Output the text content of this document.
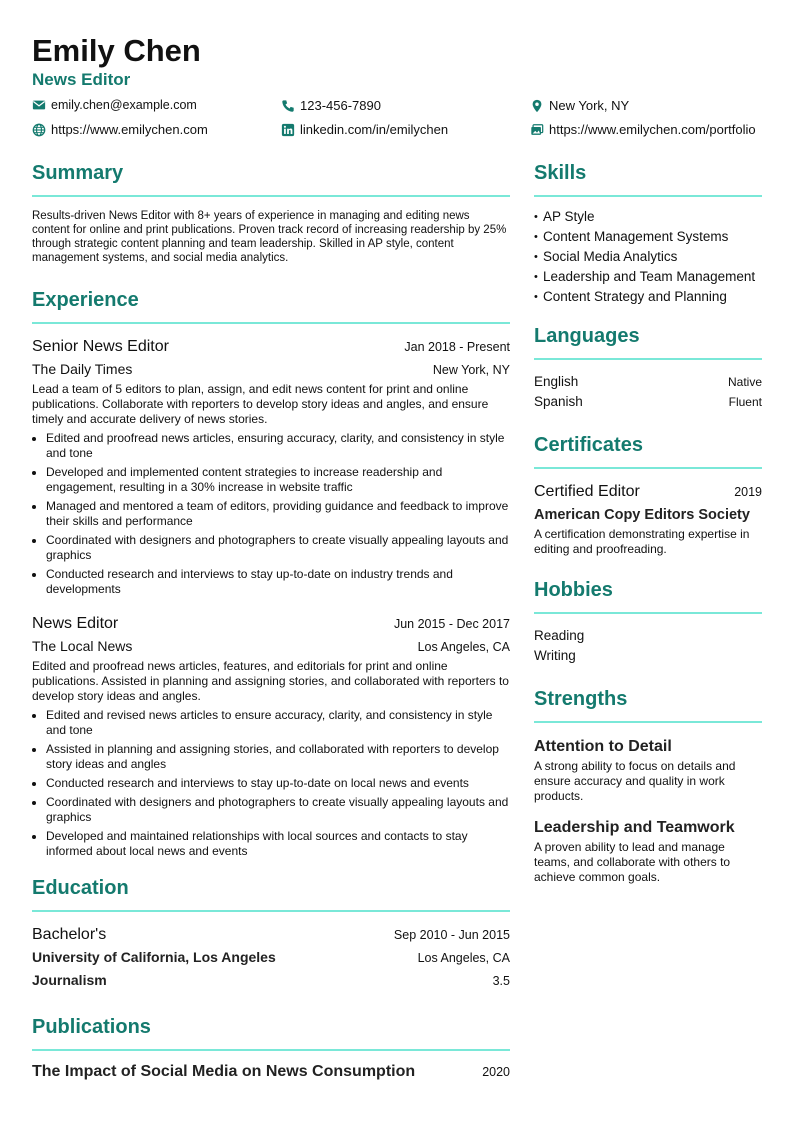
Emily Chen
News Editor
emily.chen@example.com	123-456-7890	New York, NY
https://www.emilychen.com	linkedin.com/in/emilychen	https://www.emilychen.com/portfolio
Summary
Results-driven News Editor with 8+ years of experience in managing and editing news content for online and print publications. Proven track record of increasing readership by 25% through strategic content planning and team leadership. Skilled in AP style, content management systems, and social media analytics.
Experience
Senior News Editor	Jan 2018 - Present
The Daily Times	New York, NY
Lead a team of 5 editors to plan, assign, and edit news content for print and online publications. Collaborate with reporters to develop story ideas and angles, and ensure timely and accurate delivery of news stories.
• Edited and proofread news articles, ensuring accuracy, clarity, and consistency in style and tone
• Developed and implemented content strategies to increase readership and engagement, resulting in a 30% increase in website traffic
• Managed and mentored a team of editors, providing guidance and feedback to improve their skills and performance
• Coordinated with designers and photographers to create visually appealing layouts and graphics
• Conducted research and interviews to stay up-to-date on industry trends and developments
News Editor	Jun 2015 - Dec 2017
The Local News	Los Angeles, CA
Edited and proofread news articles, features, and editorials for print and online publications. Assisted in planning and assigning stories, and collaborated with reporters to develop story ideas and angles.
• Edited and revised news articles to ensure accuracy, clarity, and consistency in style and tone
• Assisted in planning and assigning stories, and collaborated with reporters to develop story ideas and angles
• Conducted research and interviews to stay up-to-date on local news and events
• Coordinated with designers and photographers to create visually appealing layouts and graphics
• Developed and maintained relationships with local sources and contacts to stay informed about local news and events
Education
Bachelor's	Sep 2010 - Jun 2015
University of California, Los Angeles	Los Angeles, CA
Journalism	3.5
Publications
The Impact of Social Media on News Consumption	2020
Skills
• AP Style
• Content Management Systems
• Social Media Analytics
• Leadership and Team Management
• Content Strategy and Planning
Languages
English	Native
Spanish	Fluent
Certificates
Certified Editor	2019
American Copy Editors Society
A certification demonstrating expertise in editing and proofreading.
Hobbies
Reading
Writing
Strengths
Attention to Detail
A strong ability to focus on details and ensure accuracy and quality in work products.
Leadership and Teamwork
A proven ability to lead and manage teams, and collaborate with others to achieve common goals.
